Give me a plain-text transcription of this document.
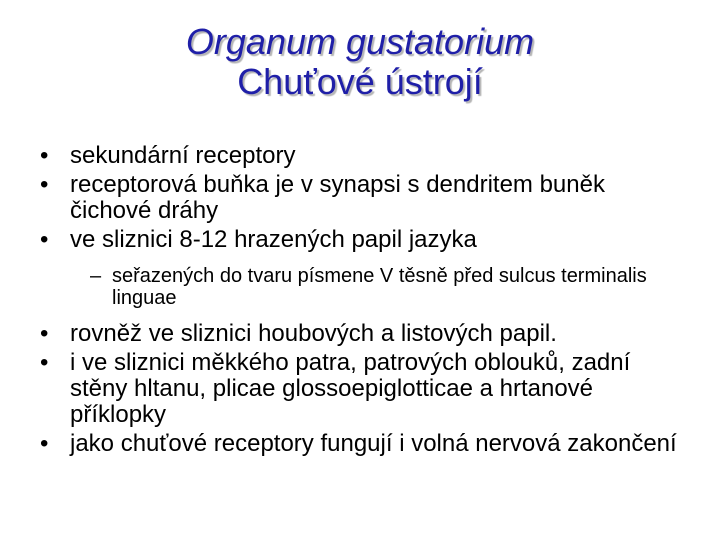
Organum gustatorium
Chuťové ústrojí
• sekundární receptory
• receptorová buňka je v synapsi s dendritem buněk čichové dráhy
• ve sliznici 8-12 hrazených papil jazyka
– seřazených do tvaru písmene V těsně před sulcus terminalis linguae
• rovněž ve sliznici houbových a listových papil.
• i ve sliznici měkkého patra, patrových oblouků, zadní stěny hltanu, plicae glossoepiglotticae a hrtanové příklopky
• jako chuťové receptory fungují i volná nervová zakončení
